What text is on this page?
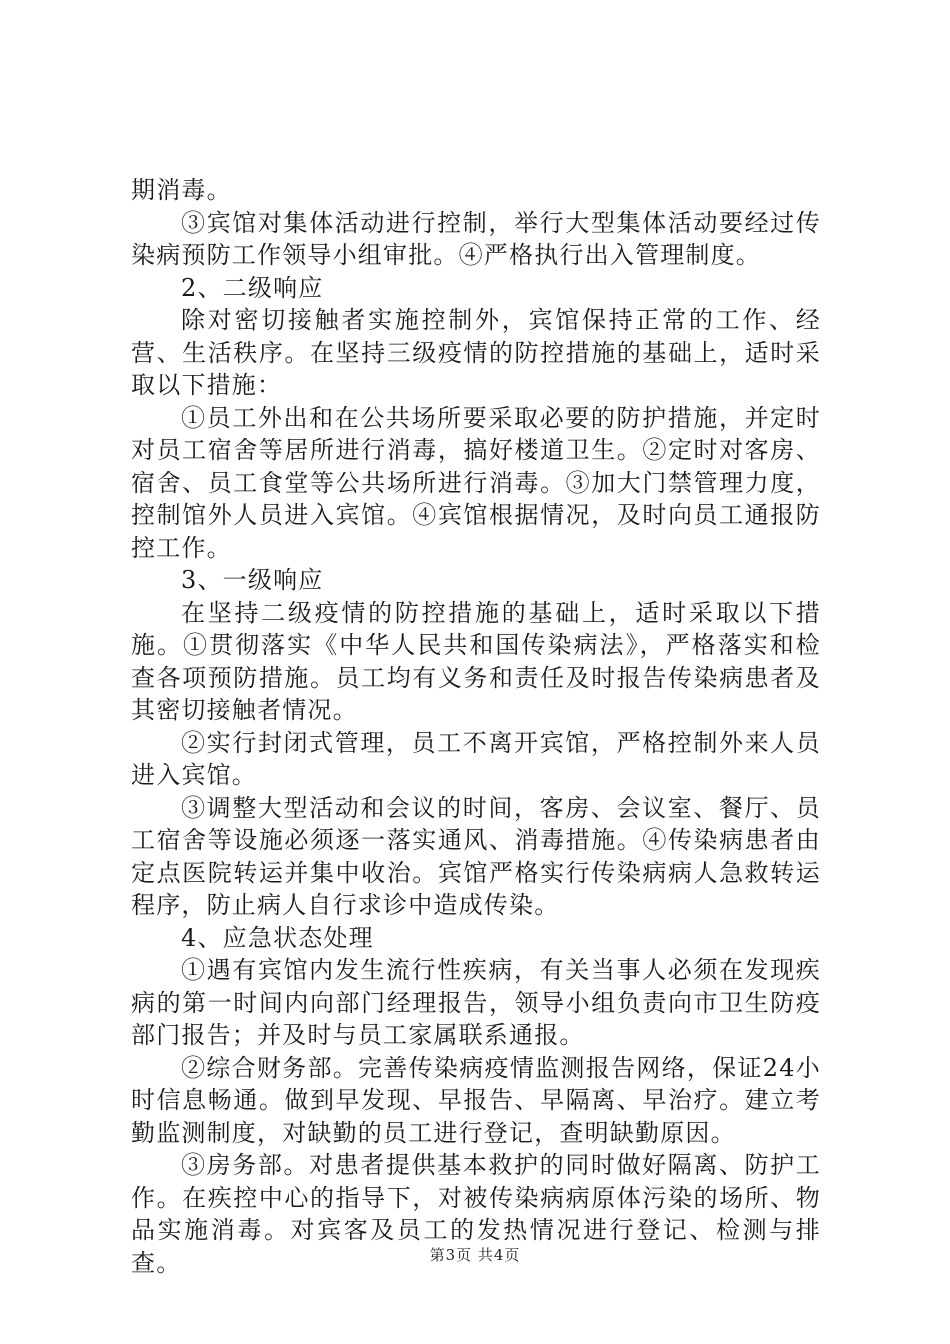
期消毒。

③宾馆对集体活动进行控制，举行大型集体活动要经过传染病预防工作领导小组审批。④严格执行出入管理制度。

2、二级响应

除对密切接触者实施控制外，宾馆保持正常的工作、经营、生活秩序。在坚持三级疫情的防控措施的基础上，适时采取以下措施：

①员工外出和在公共场所要采取必要的防护措施，并定时对员工宿舍等居所进行消毒，搞好楼道卫生。②定时对客房、宿舍、员工食堂等公共场所进行消毒。③加大门禁管理力度，控制馆外人员进入宾馆。④宾馆根据情况，及时向员工通报防控工作。

3、一级响应

在坚持二级疫情的防控措施的基础上，适时采取以下措施。①贯彻落实《中华人民共和国传染病法》，严格落实和检查各项预防措施。员工均有义务和责任及时报告传染病患者及其密切接触者情况。

②实行封闭式管理，员工不离开宾馆，严格控制外来人员进入宾馆。

③调整大型活动和会议的时间，客房、会议室、餐厅、员工宿舍等设施必须逐一落实通风、消毒措施。④传染病患者由定点医院转运并集中收治。宾馆严格实行传染病病人急救转运程序，防止病人自行求诊中造成传染。

4、应急状态处理

①遇有宾馆内发生流行性疾病，有关当事人必须在发现疾病的第一时间内向部门经理报告，领导小组负责向市卫生防疫部门报告；并及时与员工家属联系通报。

②综合财务部。完善传染病疫情监测报告网络，保证24小时信息畅通。做到早发现、早报告、早隔离、早治疗。建立考勤监测制度，对缺勤的员工进行登记，查明缺勤原因。

③房务部。对患者提供基本救护的同时做好隔离、防护工作。在疾控中心的指导下，对被传染病病原体污染的场所、物品实施消毒。对宾客及员工的发热情况进行登记、检测与排查。	第3页 共4页
